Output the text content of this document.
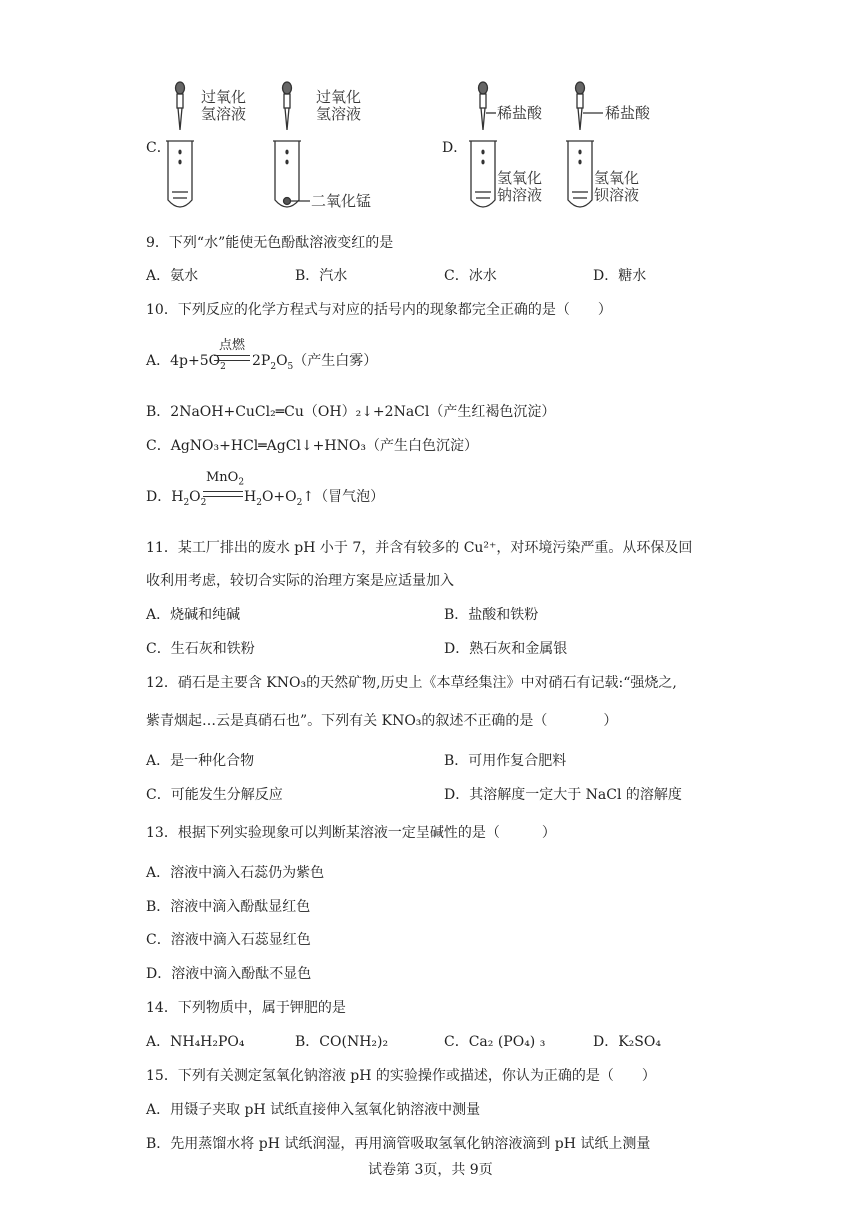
C．	D．
过氧化
氢溶液
过氧化
氢溶液
二氧化锰
稀盐酸	稀盐酸
氢氧化
钠溶液
氢氧化
钡溶液
9．下列“水”能使无色酚酞溶液变红的是
A．氨水	B．汽水	C．冰水	D．糖水
10．下列反应的化学方程式与对应的括号内的现象都完全正确的是（　　）
A．$4p+5O_2$
点燃
$2P_2O_5$（产生白雾）
B．2NaOH+CuCl₂═Cu（OH）₂↓+2NaCl（产生红褐色沉淀）
C．AgNO₃+HCl═AgCl↓+HNO₃（产生白色沉淀）
D．$H_2O_2$
MnO$_2$
$H_2O+O_2↑$（冒气泡）
11．某工厂排出的废水 pH 小于 7，并含有较多的 Cu²⁺，对环境污染严重。从环保及回
收利用考虑，较切合实际的治理方案是应适量加入
A．烧碱和纯碱	B．盐酸和铁粉
C．生石灰和铁粉	D．熟石灰和金属银
12．硝石是主要含 KNO₃的天然矿物,历史上《本草经集注》中对硝石有记载:“强烧之,
紫青烟起…云是真硝石也”。下列有关 KNO₃的叙述不正确的是（　　　　）
A．是一种化合物	B．可用作复合肥料
C．可能发生分解反应	D．其溶解度一定大于 NaCl 的溶解度
13．根据下列实验现象可以判断某溶液一定呈碱性的是（　　　）
A．溶液中滴入石蕊仍为紫色
B．溶液中滴入酚酞显红色
C．溶液中滴入石蕊显红色
D．溶液中滴入酚酞不显色
14．下列物质中，属于钾肥的是
A．NH₄H₂PO₄	B．CO(NH₂)₂	C．Ca₂ (PO₄) ₃	D．K₂SO₄
15．下列有关测定氢氧化钠溶液 pH 的实验操作或描述，你认为正确的是（　　）
A．用镊子夹取 pH 试纸直接伸入氢氧化钠溶液中测量
B．先用蒸馏水将 pH 试纸润湿，再用滴管吸取氢氧化钠溶液滴到 pH 试纸上测量
试卷第 3页，共 9页
